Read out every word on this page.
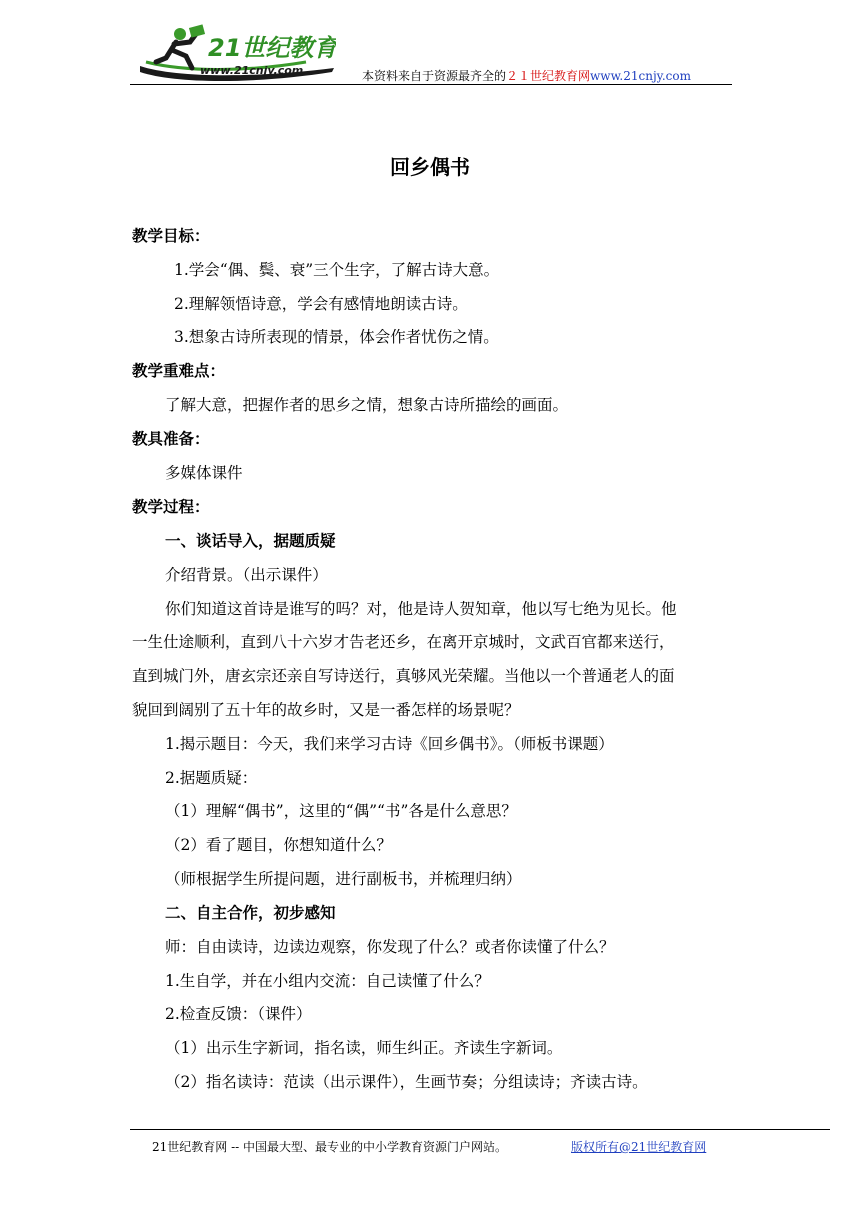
21世纪教育
www.21cnjy.com	本资料来自于资源最齐全的２１世纪教育网www.21cnjy.com
回乡偶书
教学目标：
1.学会“偶、鬓、衰”三个生字，了解古诗大意。
2.理解领悟诗意，学会有感情地朗读古诗。
3.想象古诗所表现的情景，体会作者忧伤之情。
教学重难点：
了解大意，把握作者的思乡之情，想象古诗所描绘的画面。
教具准备：
多媒体课件
教学过程：
一、谈话导入，据题质疑
介绍背景。（出示课件）
你们知道这首诗是谁写的吗？对，他是诗人贺知章，他以写七绝为见长。他
一生仕途顺利，直到八十六岁才告老还乡，在离开京城时，文武百官都来送行，
直到城门外，唐玄宗还亲自写诗送行，真够风光荣耀。当他以一个普通老人的面
貌回到阔别了五十年的故乡时，又是一番怎样的场景呢？
1.揭示题目：今天，我们来学习古诗《回乡偶书》。（师板书课题）
2.据题质疑：
（1）理解“偶书”，这里的“偶”“书”各是什么意思？
（2）看了题目，你想知道什么？
（师根据学生所提问题，进行副板书，并梳理归纳）
二、自主合作，初步感知
师：自由读诗，边读边观察，你发现了什么？或者你读懂了什么？
1.生自学，并在小组内交流：自己读懂了什么？
2.检查反馈：（课件）
（1）出示生字新词，指名读，师生纠正。齐读生字新词。
（2）指名读诗：范读（出示课件），生画节奏；分组读诗；齐读古诗。
21世纪教育网 -- 中国最大型、最专业的中小学教育资源门户网站。	版权所有@21世纪教育网
